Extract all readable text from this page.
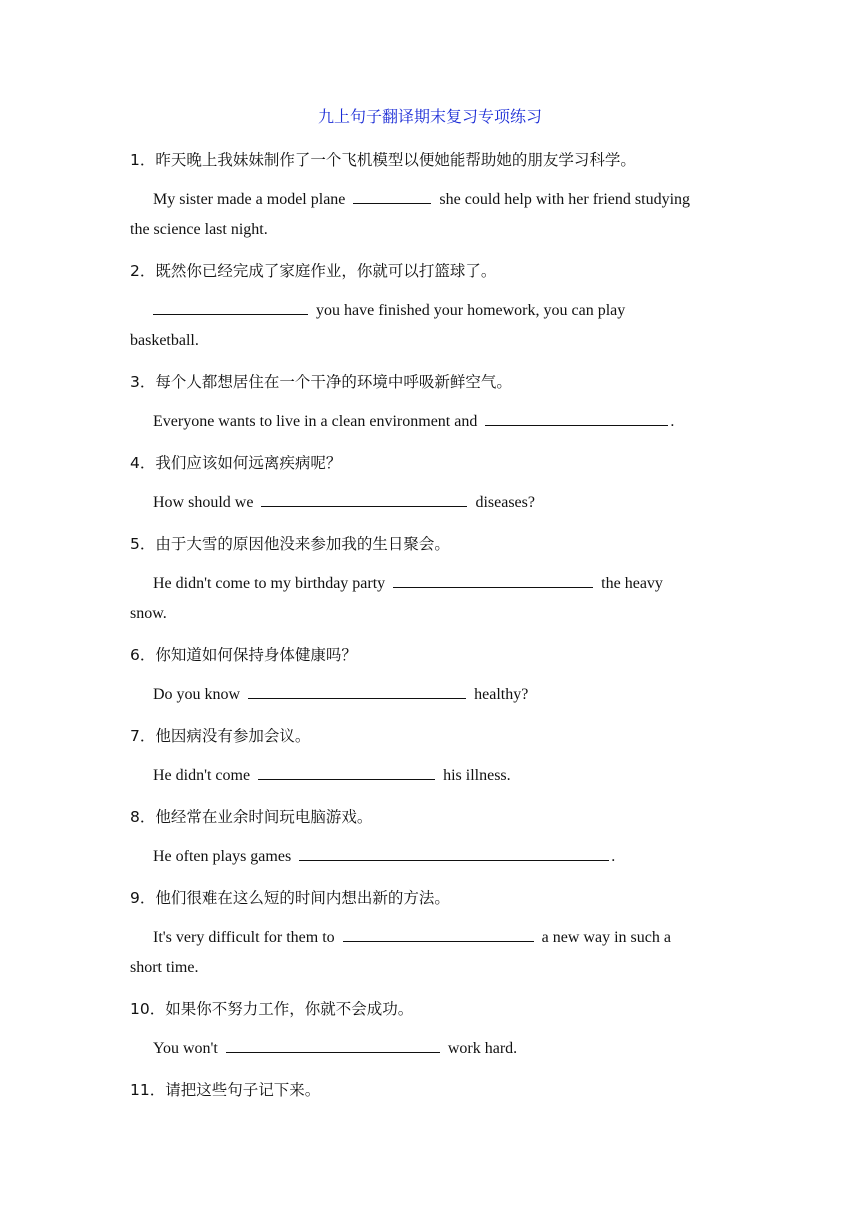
九上句子翻译期末复习专项练习
1．昨天晚上我妹妹制作了一个飞机模型以便她能帮助她的朋友学习科学。
My sister made a model plane	she could help with her friend studying
the science last night.
2．既然你已经完成了家庭作业，你就可以打篮球了。
you have finished your homework, you can play
basketball.
3．每个人都想居住在一个干净的环境中呼吸新鲜空气。
Everyone wants to live in a clean environment and	.
4．我们应该如何远离疾病呢？
How should we	diseases?
5．由于大雪的原因他没来参加我的生日聚会。
He didn't come to my birthday party	the heavy
snow.
6．你知道如何保持身体健康吗？
Do you know	healthy?
7．他因病没有参加会议。
He didn't come	his illness.
8．他经常在业余时间玩电脑游戏。
He often plays games	.
9．他们很难在这么短的时间内想出新的方法。
It's very difficult for them to	a new way in such a
short time.
10．如果你不努力工作，你就不会成功。
You won't	work hard.
11．请把这些句子记下来。
